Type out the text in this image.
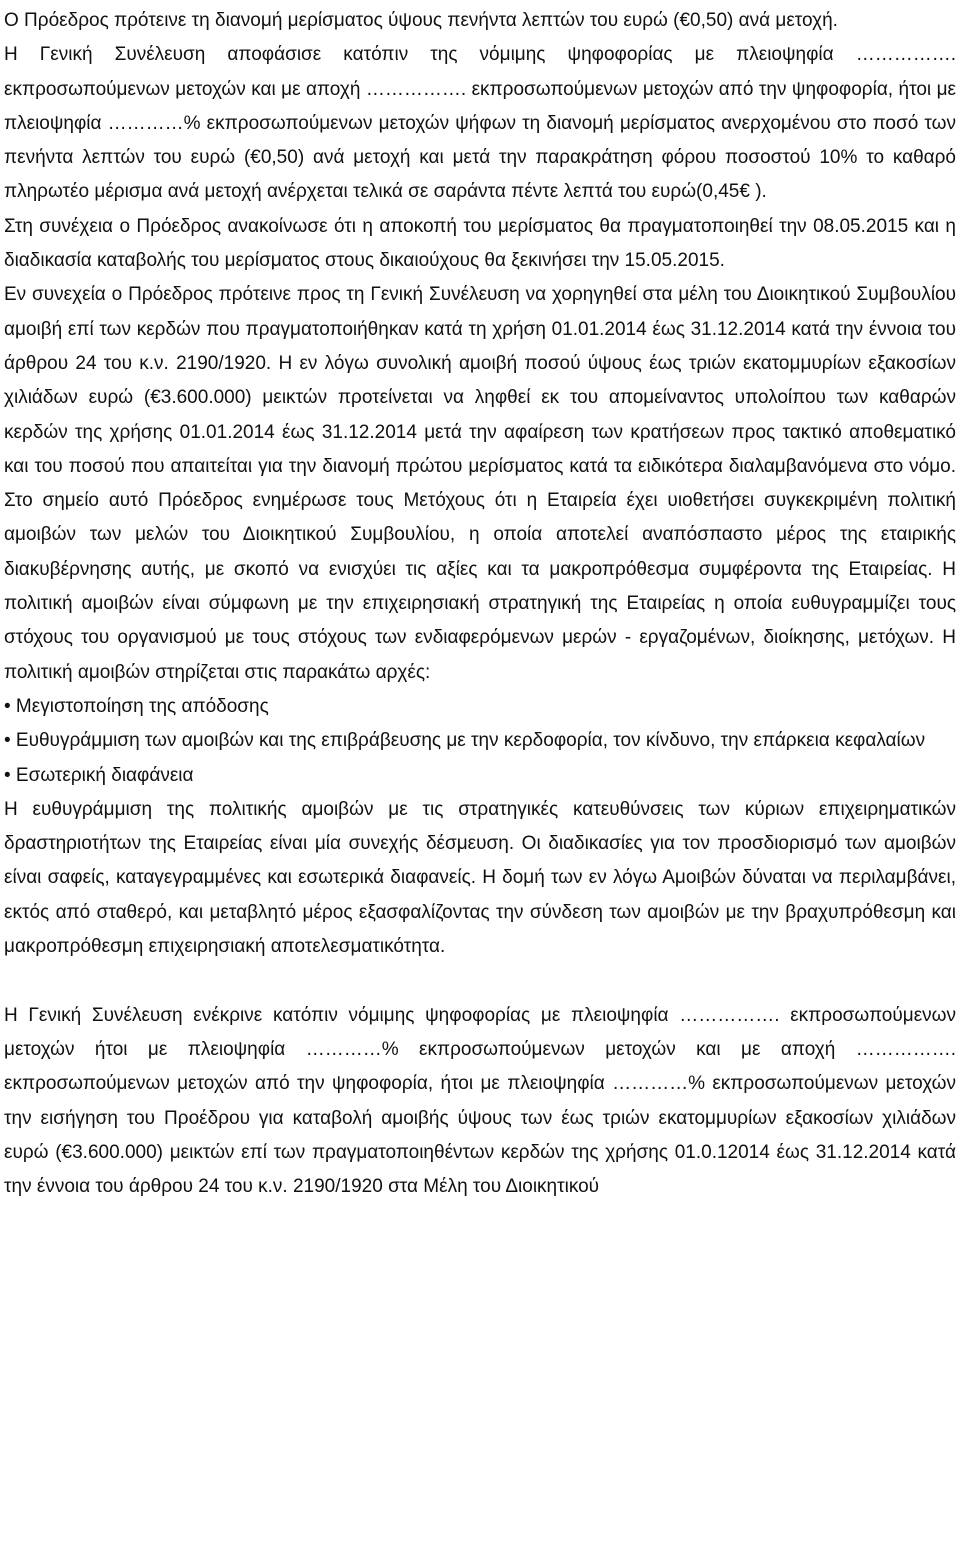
Ο Πρόεδρος πρότεινε τη διανομή μερίσματος ύψους πενήντα λεπτών του ευρώ (€0,50) ανά μετοχή.

Η Γενική Συνέλευση αποφάσισε κατόπιν της νόμιμης ψηφοφορίας με πλειοψηφία ……………. εκπροσωπούμενων μετοχών και με αποχή ……………. εκπροσωπούμενων μετοχών από την ψηφοφορία, ήτοι με πλειοψηφία …………% εκπροσωπούμενων μετοχών ψήφων τη διανομή μερίσματος ανερχομένου στο ποσό των πενήντα λεπτών του ευρώ (€0,50) ανά μετοχή και μετά την παρακράτηση φόρου ποσοστού 10% το καθαρό πληρωτέο μέρισμα ανά μετοχή ανέρχεται τελικά σε σαράντα πέντε λεπτά του ευρώ(0,45€ ).

Στη συνέχεια ο Πρόεδρος ανακοίνωσε ότι η αποκοπή του μερίσματος θα πραγματοποιηθεί την 08.05.2015 και η διαδικασία καταβολής του μερίσματος στους δικαιούχους θα ξεκινήσει την 15.05.2015.

Εν συνεχεία ο Πρόεδρος πρότεινε προς τη Γενική Συνέλευση να χορηγηθεί στα μέλη του Διοικητικού Συμβουλίου αμοιβή επί των κερδών που πραγματοποιήθηκαν κατά τη χρήση 01.01.2014 έως 31.12.2014 κατά την έννοια του άρθρου 24 του κ.ν. 2190/1920. Η εν λόγω συνολική αμοιβή ποσού ύψους έως τριών εκατομμυρίων εξακοσίων χιλιάδων ευρώ (€3.600.000) μεικτών προτείνεται να ληφθεί εκ του απομείναντος υπολοίπου των καθαρών κερδών της χρήσης 01.01.2014 έως 31.12.2014 μετά την αφαίρεση των κρατήσεων προς τακτικό αποθεματικό και του ποσού που απαιτείται για την διανομή πρώτου μερίσματος κατά τα ειδικότερα διαλαμβανόμενα στο νόμο. Στο σημείο αυτό Πρόεδρος ενημέρωσε τους Μετόχους ότι η Εταιρεία έχει υιοθετήσει συγκεκριμένη πολιτική αμοιβών των μελών του Διοικητικού Συμβουλίου, η οποία αποτελεί αναπόσπαστο μέρος της εταιρικής διακυβέρνησης αυτής, με σκοπό να ενισχύει τις αξίες και τα μακροπρόθεσμα συμφέροντα της Εταιρείας. Η πολιτική αμοιβών είναι σύμφωνη με την επιχειρησιακή στρατηγική της Εταιρείας η οποία ευθυγραμμίζει τους στόχους του οργανισμού με τους στόχους των ενδιαφερόμενων μερών - εργαζομένων, διοίκησης, μετόχων. Η πολιτική αμοιβών στηρίζεται στις παρακάτω αρχές:

• Μεγιστοποίηση της απόδοσης

• Ευθυγράμμιση των αμοιβών και της επιβράβευσης με την κερδοφορία, τον κίνδυνο, την επάρκεια κεφαλαίων

• Εσωτερική διαφάνεια

Η ευθυγράμμιση της πολιτικής αμοιβών με τις στρατηγικές κατευθύνσεις των κύριων επιχειρηματικών δραστηριοτήτων της Εταιρείας είναι μία συνεχής δέσμευση. Οι διαδικασίες για τον προσδιορισμό των αμοιβών είναι σαφείς, καταγεγραμμένες και εσωτερικά διαφανείς. Η δομή των εν λόγω Αμοιβών δύναται να περιλαμβάνει, εκτός από σταθερό, και μεταβλητό μέρος εξασφαλίζοντας την σύνδεση των αμοιβών με την βραχυπρόθεσμη και μακροπρόθεσμη επιχειρησιακή αποτελεσματικότητα.

Η Γενική Συνέλευση ενέκρινε κατόπιν νόμιμης ψηφοφορίας με πλειοψηφία ……………. εκπροσωπούμενων μετοχών ήτοι με πλειοψηφία …………% εκπροσωπούμενων μετοχών και με αποχή ……………. εκπροσωπούμενων μετοχών από την ψηφοφορία, ήτοι με πλειοψηφία …………% εκπροσωπούμενων μετοχών την εισήγηση του Προέδρου για καταβολή αμοιβής ύψους των έως τριών εκατομμυρίων εξακοσίων χιλιάδων ευρώ (€3.600.000) μεικτών επί των πραγματοποιηθέντων κερδών της χρήσης 01.0.12014 έως 31.12.2014 κατά την έννοια του άρθρου 24 του κ.ν. 2190/1920 στα Μέλη του Διοικητικού
